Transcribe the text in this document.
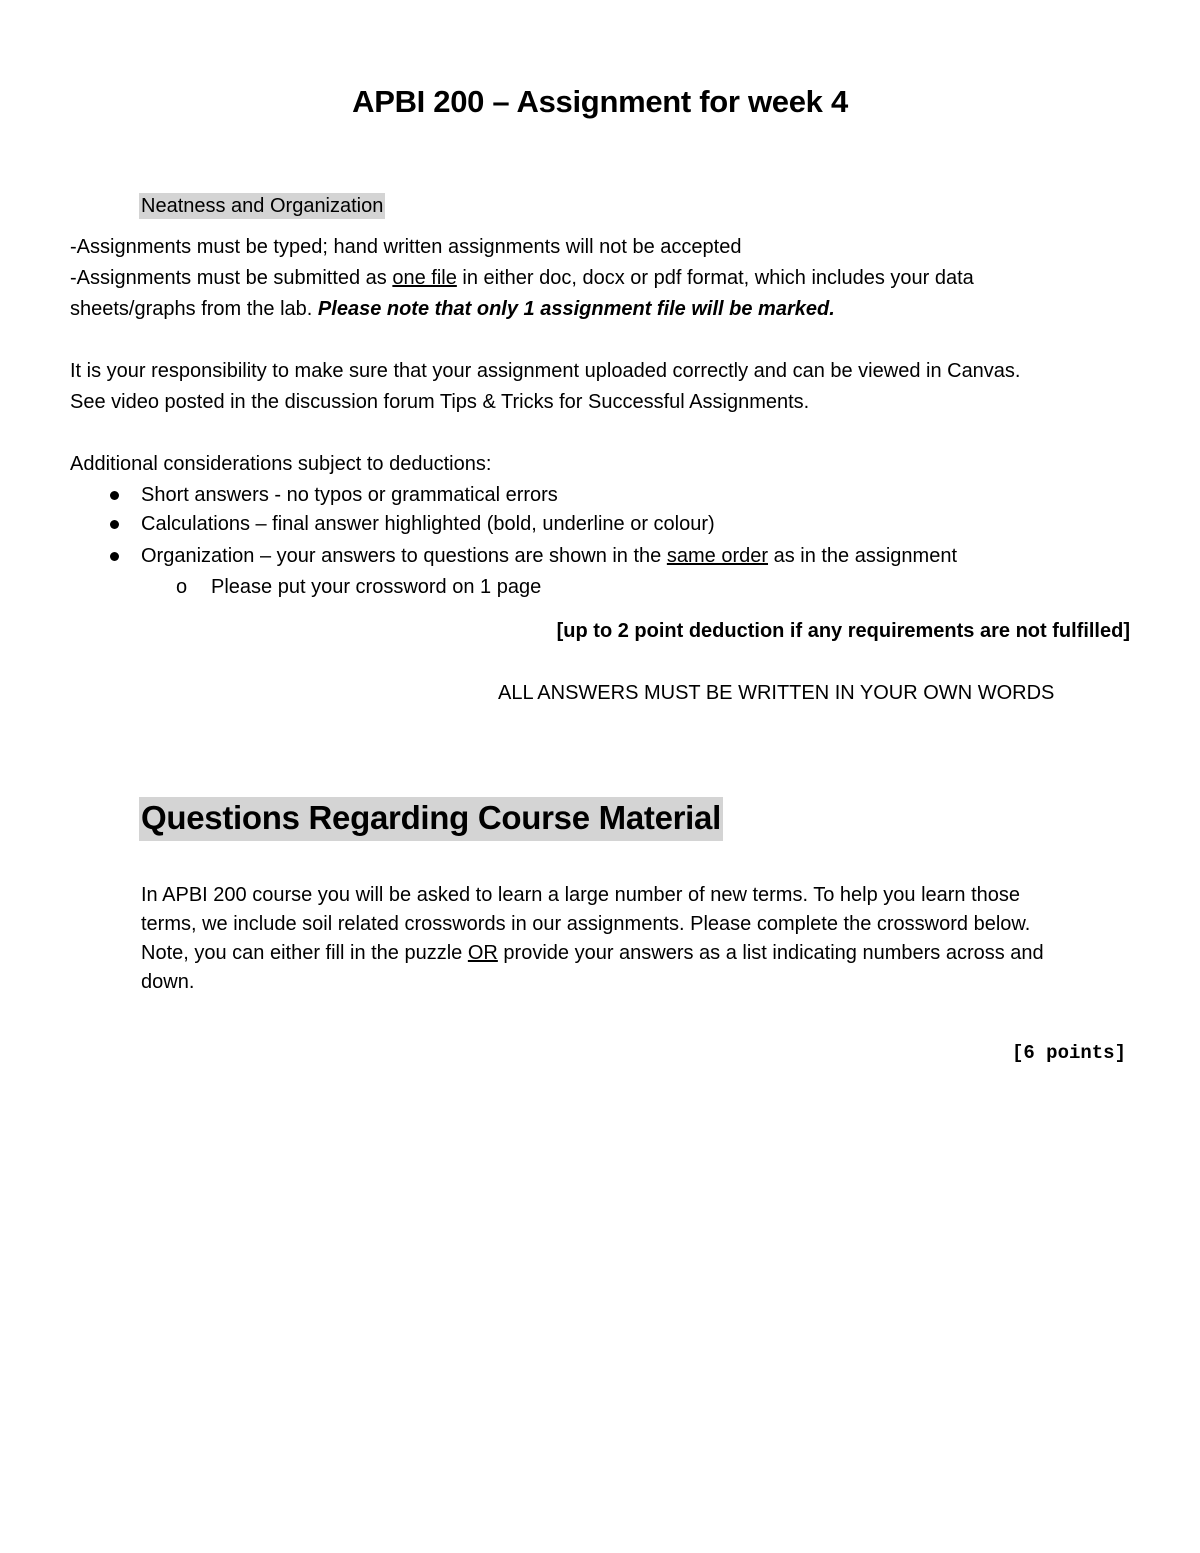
APBI 200 – Assignment for week 4
Neatness and Organization
-Assignments must be typed; hand written assignments will not be accepted
-Assignments must be submitted as one file in either doc, docx or pdf format, which includes your data
sheets/graphs from the lab. Please note that only 1 assignment file will be marked.
It is your responsibility to make sure that your assignment uploaded correctly and can be viewed in Canvas.
See video posted in the discussion forum Tips & Tricks for Successful Assignments.
Additional considerations subject to deductions:
Short answers - no typos or grammatical errors
Calculations – final answer highlighted (bold, underline or colour)
Organization – your answers to questions are shown in the same order as in the assignment
o Please put your crossword on 1 page
[up to 2 point deduction if any requirements are not fulfilled]
ALL ANSWERS MUST BE WRITTEN IN YOUR OWN WORDS
Questions Regarding Course Material
In APBI 200 course you will be asked to learn a large number of new terms. To help you learn those
terms, we include soil related crosswords in our assignments. Please complete the crossword below.
Note, you can either fill in the puzzle OR provide your answers as a list indicating numbers across and
down.
[6 points]
